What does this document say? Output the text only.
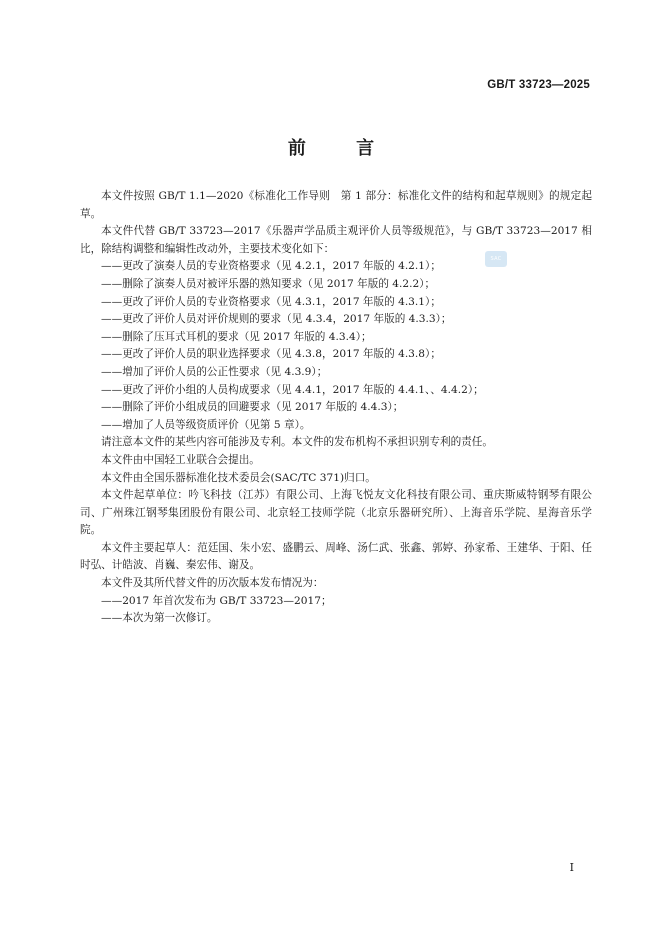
GB/T 33723—2025
前 言
SAC

本文件按照 GB/T 1.1—2020《标准化工作导则　第 1 部分：标准化文件的结构和起草规则》的规定起草。

本文件代替 GB/T 33723—2017《乐器声学品质主观评价人员等级规范》，与 GB/T 33723—2017 相比，除结构调整和编辑性改动外，主要技术变化如下：

——更改了演奏人员的专业资格要求（见 4.2.1，2017 年版的 4.2.1）；

——删除了演奏人员对被评乐器的熟知要求（见 2017 年版的 4.2.2）；

——更改了评价人员的专业资格要求（见 4.3.1，2017 年版的 4.3.1）；

——更改了评价人员对评价规则的要求（见 4.3.4，2017 年版的 4.3.3）；

——删除了压耳式耳机的要求（见 2017 年版的 4.3.4）；

——更改了评价人员的职业选择要求（见 4.3.8，2017 年版的 4.3.8）；

——增加了评价人员的公正性要求（见 4.3.9）；

——更改了评价小组的人员构成要求（见 4.4.1，2017 年版的 4.4.1、、4.4.2）；

——删除了评价小组成员的回避要求（见 2017 年版的 4.4.3）；

——增加了人员等级资质评价（见第 5 章）。

请注意本文件的某些内容可能涉及专利。本文件的发布机构不承担识别专利的责任。

本文件由中国轻工业联合会提出。

本文件由全国乐器标准化技术委员会(SAC/TC 371)归口。

本文件起草单位：吟飞科技（江苏）有限公司、上海飞悦友文化科技有限公司、重庆斯威特钢琴有限公司、广州珠江钢琴集团股份有限公司、北京轻工技师学院（北京乐器研究所）、上海音乐学院、星海音乐学院。

本文件主要起草人：范廷国、朱小宏、盛鹏云、周峰、汤仁武、张鑫、郭婷、孙家希、王建华、于阳、任时弘、计皓波、肖巍、秦宏伟、谢及。

本文件及其所代替文件的历次版本发布情况为：

——2017 年首次发布为 GB/T 33723—2017；

——本次为第一次修订。

I
